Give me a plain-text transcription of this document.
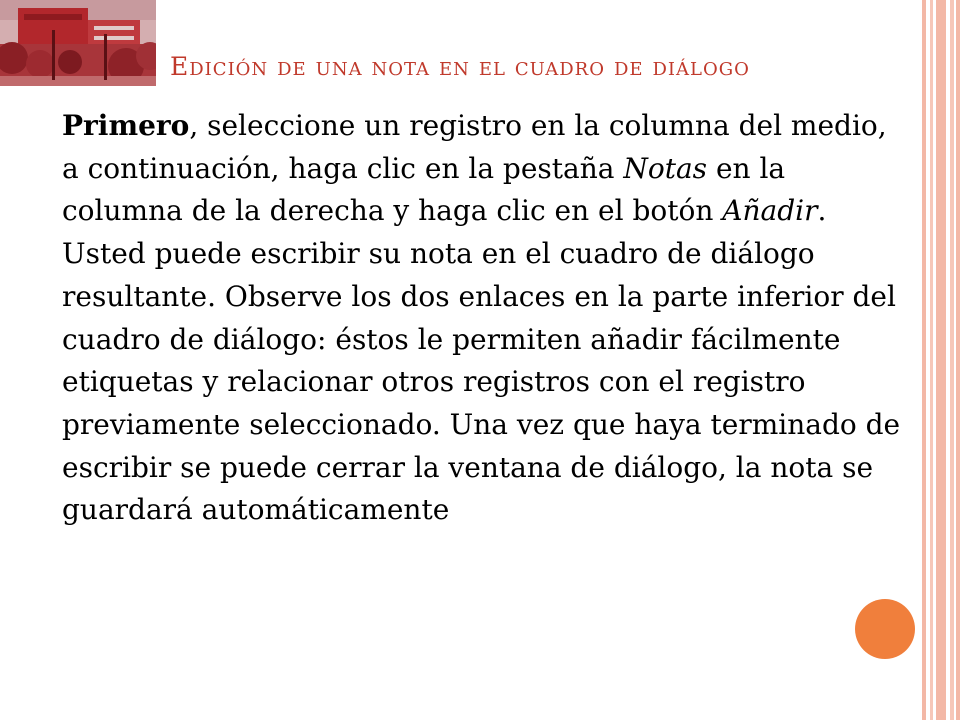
Edición de una nota en el cuadro de diálogo

Primero, seleccione un registro en la columna del medio, a continuación, haga clic en la pestaña Notas en la columna de la derecha y haga clic en el botón Añadir. Usted puede escribir su nota en el cuadro de diálogo resultante. Observe los dos enlaces en la parte inferior del cuadro de diálogo: éstos le permiten añadir fácilmente etiquetas y relacionar otros registros con el registro previamente seleccionado. Una vez que haya terminado de escribir se puede cerrar la ventana de diálogo, la nota se guardará automáticamente
